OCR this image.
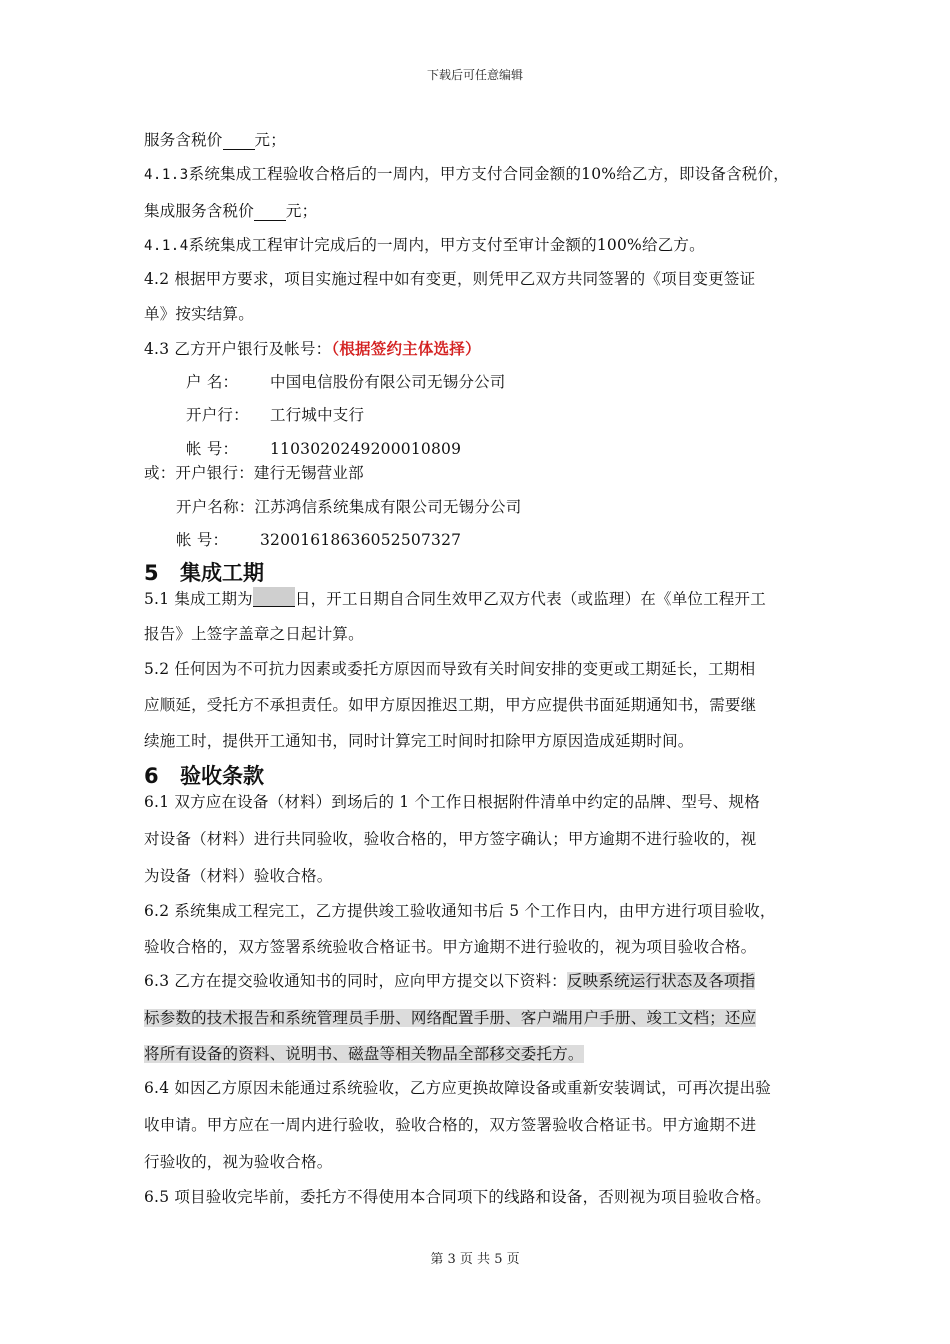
下载后可任意编辑
服务含税价 元；
4.1.3系统集成工程验收合格后的一周内，甲方支付合同金额的10%给乙方，即设备含税价，
集成服务含税价 元；
4.1.4系统集成工程审计完成后的一周内，甲方支付至审计金额的100%给乙方。
4.2 根据甲方要求，项目实施过程中如有变更，则凭甲乙双方共同签署的《项目变更签证
单》按实结算。
4.3 乙方开户银行及帐号：（根据签约主体选择）
户 名： 中国电信股份有限公司无锡分公司
开户行： 工行城中支行
帐 号： 1103020249200010809
或：开户银行：建行无锡营业部
开户名称：江苏鸿信系统集成有限公司无锡分公司
帐 号： 32001618636052507327
5 集成工期
5.1 集成工期为	日，开工日期自合同生效甲乙双方代表（或监理）在《单位工程开工
报告》上签字盖章之日起计算。
5.2 任何因为不可抗力因素或委托方原因而导致有关时间安排的变更或工期延长，工期相
应顺延，受托方不承担责任。如甲方原因推迟工期，甲方应提供书面延期通知书，需要继
续施工时，提供开工通知书，同时计算完工时间时扣除甲方原因造成延期时间。
6 验收条款
6.1 双方应在设备（材料）到场后的 1 个工作日根据附件清单中约定的品牌、型号、规格
对设备（材料）进行共同验收，验收合格的，甲方签字确认；甲方逾期不进行验收的，视
为设备（材料）验收合格。
6.2 系统集成工程完工，乙方提供竣工验收通知书后 5 个工作日内，由甲方进行项目验收，
验收合格的，双方签署系统验收合格证书。甲方逾期不进行验收的，视为项目验收合格。
6.3 乙方在提交验收通知书的同时，应向甲方提交以下资料：反映系统运行状态及各项指
标参数的技术报告和系统管理员手册、网络配置手册、客户端用户手册、竣工文档；还应
将所有设备的资料、说明书、磁盘等相关物品全部移交委托方。
6.4 如因乙方原因未能通过系统验收，乙方应更换故障设备或重新安装调试，可再次提出验
收申请。甲方应在一周内进行验收，验收合格的，双方签署验收合格证书。甲方逾期不进
行验收的，视为验收合格。
6.5 项目验收完毕前，委托方不得使用本合同项下的线路和设备，否则视为项目验收合格。
第 3 页 共 5 页
